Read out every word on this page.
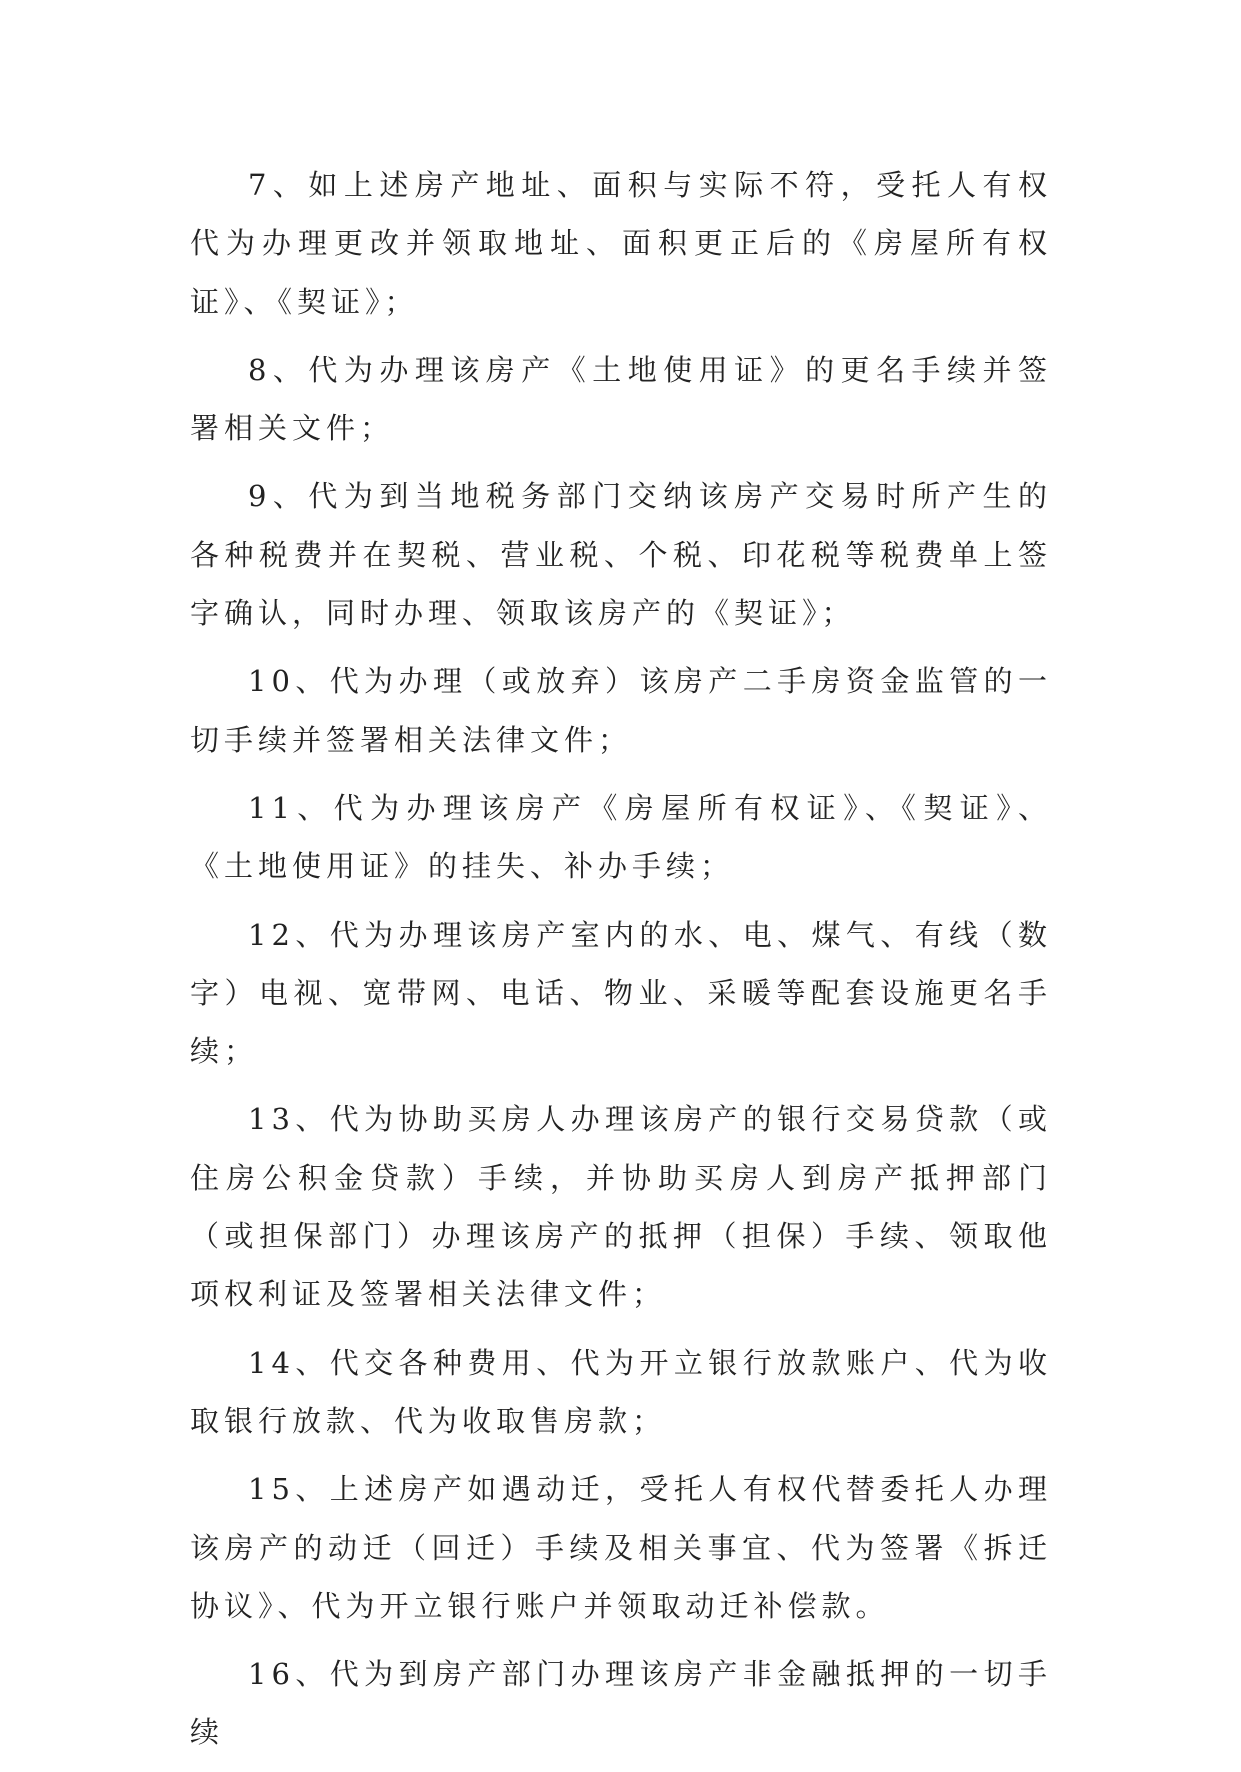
7、如上述房产地址、面积与实际不符，受托人有权代为办理更改并领取地址、面积更正后的《房屋所有权证》、《契证》；

8、代为办理该房产《土地使用证》的更名手续并签署相关文件；

9、代为到当地税务部门交纳该房产交易时所产生的各种税费并在契税、营业税、个税、印花税等税费单上签字确认，同时办理、领取该房产的《契证》；

10、代为办理（或放弃）该房产二手房资金监管的一切手续并签署相关法律文件；

11、代为办理该房产《房屋所有权证》、《契证》、《土地使用证》的挂失、补办手续；

12、代为办理该房产室内的水、电、煤气、有线（数字）电视、宽带网、电话、物业、采暖等配套设施更名手续；

13、代为协助买房人办理该房产的银行交易贷款（或住房公积金贷款）手续，并协助买房人到房产抵押部门（或担保部门）办理该房产的抵押（担保）手续、领取他项权利证及签署相关法律文件；

14、代交各种费用、代为开立银行放款账户、代为收取银行放款、代为收取售房款；

15、上述房产如遇动迁，受托人有权代替委托人办理该房产的动迁（回迁）手续及相关事宜、代为签署《拆迁协议》、代为开立银行账户并领取动迁补偿款。

16、代为到房产部门办理该房产非金融抵押的一切手续
